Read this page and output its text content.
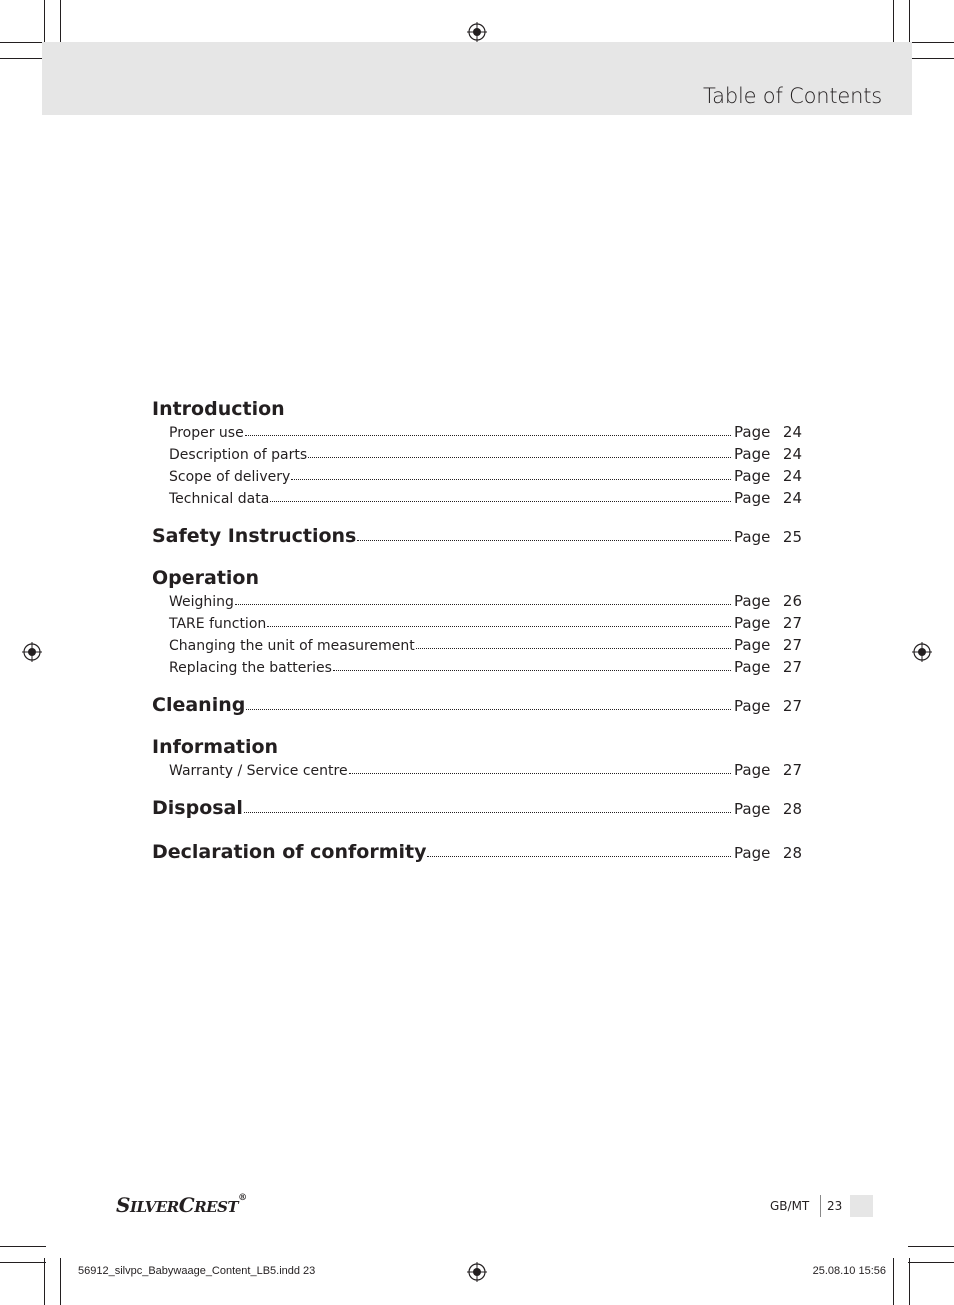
Table of Contents
Introduction
Proper use	Page 24
Description of parts	Page 24
Scope of delivery	Page 24
Technical data	Page 24
Safety Instructions	Page 25
Operation
Weighing	Page 26
TARE function	Page 27
Changing the unit of measurement	Page 27
Replacing the batteries	Page 27
Cleaning	Page 27
Information
Warranty / Service centre	Page 27
Disposal	Page 28
Declaration of conformity	Page 28
SILVERCREST®
GB/MT 23
56912_silvpc_Babywaage_Content_LB5.indd 23	25.08.10 15:56
